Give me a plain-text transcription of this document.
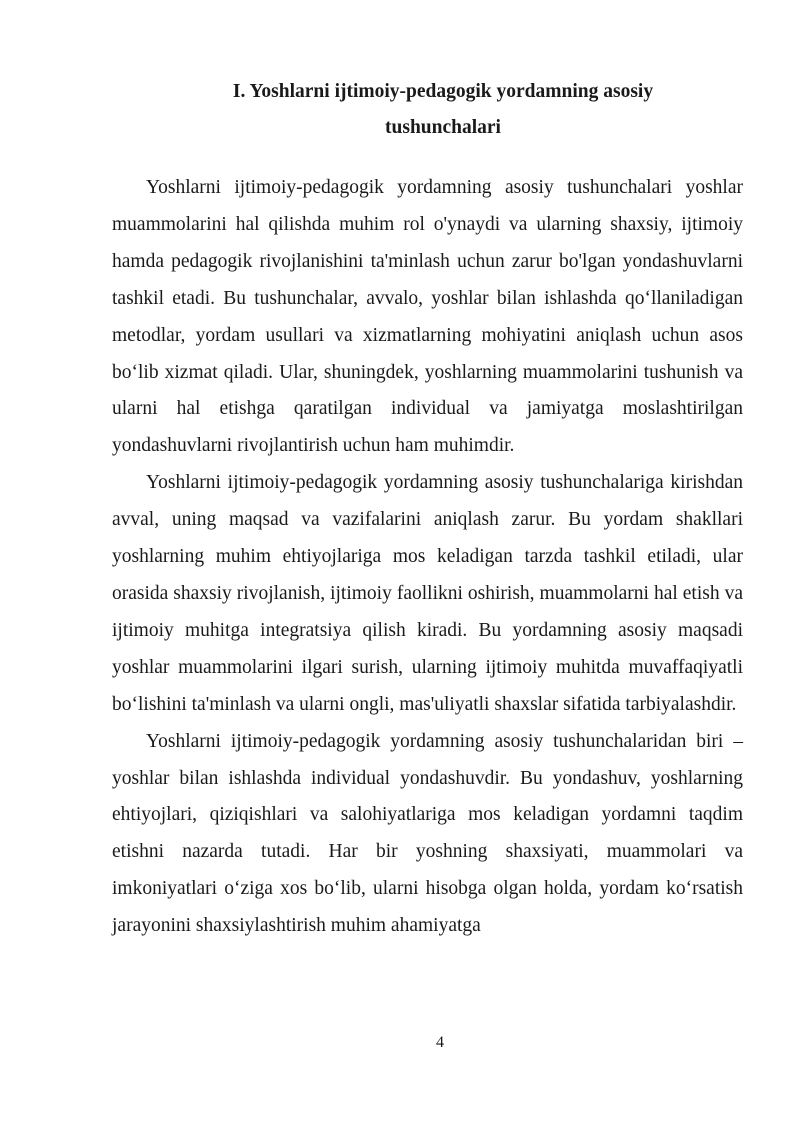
I. Yoshlarni ijtimoiy-pedagogik yordamning asosiy
tushunchalari

Yoshlarni ijtimoiy-pedagogik yordamning asosiy tushunchalari yoshlar muammolarini hal qilishda muhim rol o'ynaydi va ularning shaxsiy, ijtimoiy hamda pedagogik rivojlanishini ta'minlash uchun zarur bo'lgan yondashuvlarni tashkil etadi. Bu tushunchalar, avvalo, yoshlar bilan ishlashda qo‘llaniladigan metodlar, yordam usullari va xizmatlarning mohiyatini aniqlash uchun asos bo‘lib xizmat qiladi. Ular, shuningdek, yoshlarning muammolarini tushunish va ularni hal etishga qaratilgan individual va jamiyatga moslashtirilgan yondashuvlarni rivojlantirish uchun ham muhimdir.

Yoshlarni ijtimoiy-pedagogik yordamning asosiy tushunchalariga kirishdan avval, uning maqsad va vazifalarini aniqlash zarur. Bu yordam shakllari yoshlarning muhim ehtiyojlariga mos keladigan tarzda tashkil etiladi, ular orasida shaxsiy rivojlanish, ijtimoiy faollikni oshirish, muammolarni hal etish va ijtimoiy muhitga integratsiya qilish kiradi. Bu yordamning asosiy maqsadi yoshlar muammolarini ilgari surish, ularning ijtimoiy muhitda muvaffaqiyatli bo‘lishini ta'minlash va ularni ongli, mas'uliyatli shaxslar sifatida tarbiyalashdir.

Yoshlarni ijtimoiy-pedagogik yordamning asosiy tushunchalaridan biri – yoshlar bilan ishlashda individual yondashuvdir. Bu yondashuv, yoshlarning ehtiyojlari, qiziqishlari va salohiyatlariga mos keladigan yordamni taqdim etishni nazarda tutadi. Har bir yoshning shaxsiyati, muammolari va imkoniyatlari o‘ziga xos bo‘lib, ularni hisobga olgan holda, yordam ko‘rsatish jarayonini shaxsiylashtirish muhim ahamiyatga

4
